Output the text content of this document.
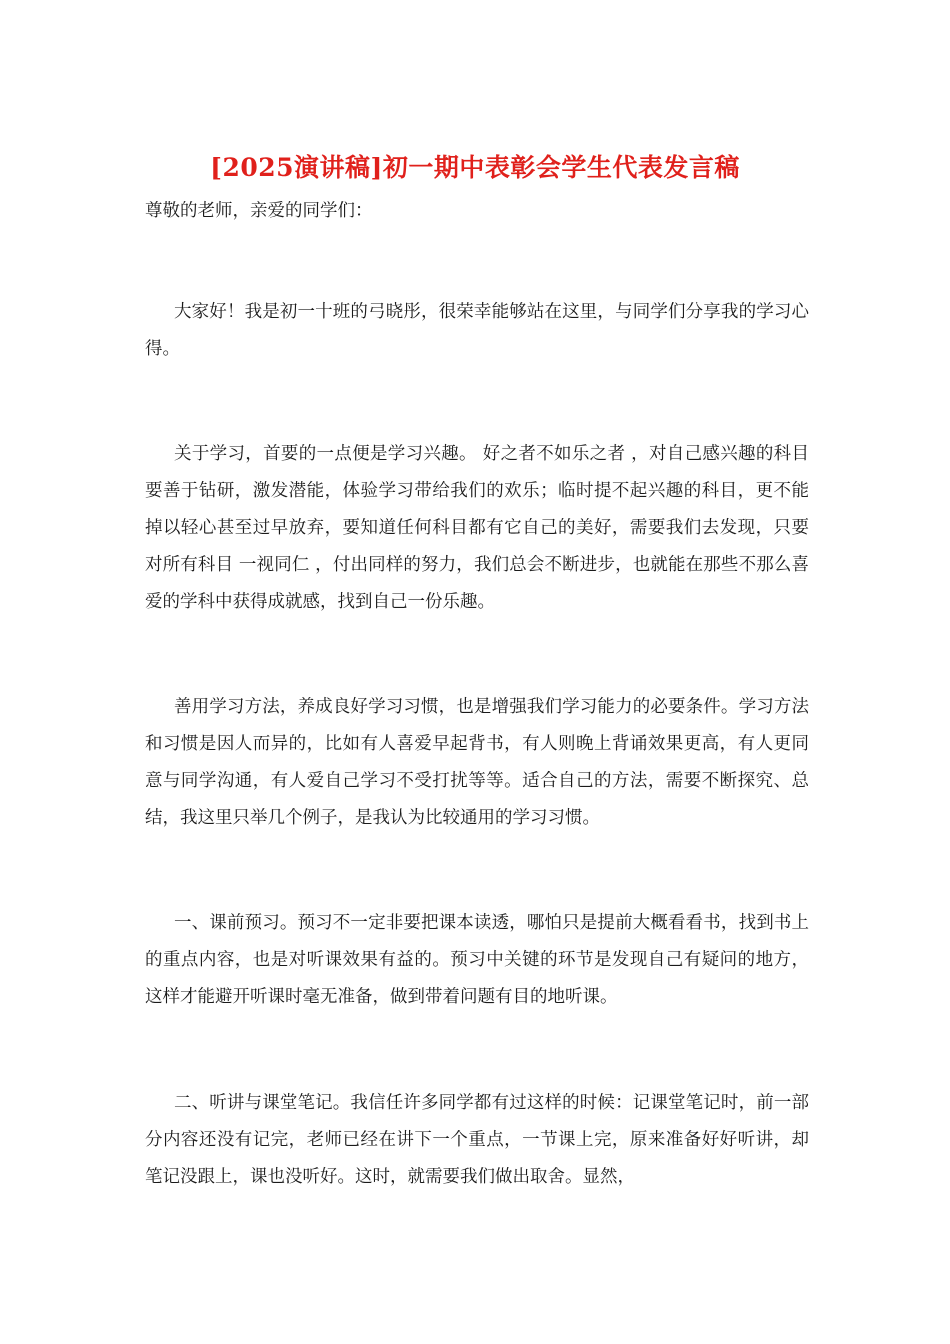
[2025演讲稿]初一期中表彰会学生代表发言稿

尊敬的老师，亲爱的同学们：

大家好！我是初一十班的弓晓彤，很荣幸能够站在这里，与同学们分享我的学习心得。

关于学习，首要的一点便是学习兴趣。 好之者不如乐之者 ，对自己感兴趣的科目要善于钻研，激发潜能，体验学习带给我们的欢乐；临时提不起兴趣的科目，更不能掉以轻心甚至过早放弃，要知道任何科目都有它自己的美好，需要我们去发现，只要对所有科目 一视同仁 ，付出同样的努力，我们总会不断进步，也就能在那些不那么喜爱的学科中获得成就感，找到自己一份乐趣。

善用学习方法，养成良好学习习惯，也是增强我们学习能力的必要条件。学习方法和习惯是因人而异的，比如有人喜爱早起背书，有人则晚上背诵效果更高，有人更同意与同学沟通，有人爱自己学习不受打扰等等。适合自己的方法，需要不断探究、总结，我这里只举几个例子，是我认为比较通用的学习习惯。

一、课前预习。预习不一定非要把课本读透，哪怕只是提前大概看看书，找到书上的重点内容，也是对听课效果有益的。预习中关键的环节是发现自己有疑问的地方，这样才能避开听课时毫无准备，做到带着问题有目的地听课。

二、听讲与课堂笔记。我信任许多同学都有过这样的时候：记课堂笔记时，前一部分内容还没有记完，老师已经在讲下一个重点，一节课上完，原来准备好好听讲，却笔记没跟上，课也没听好。这时，就需要我们做出取舍。显然，
